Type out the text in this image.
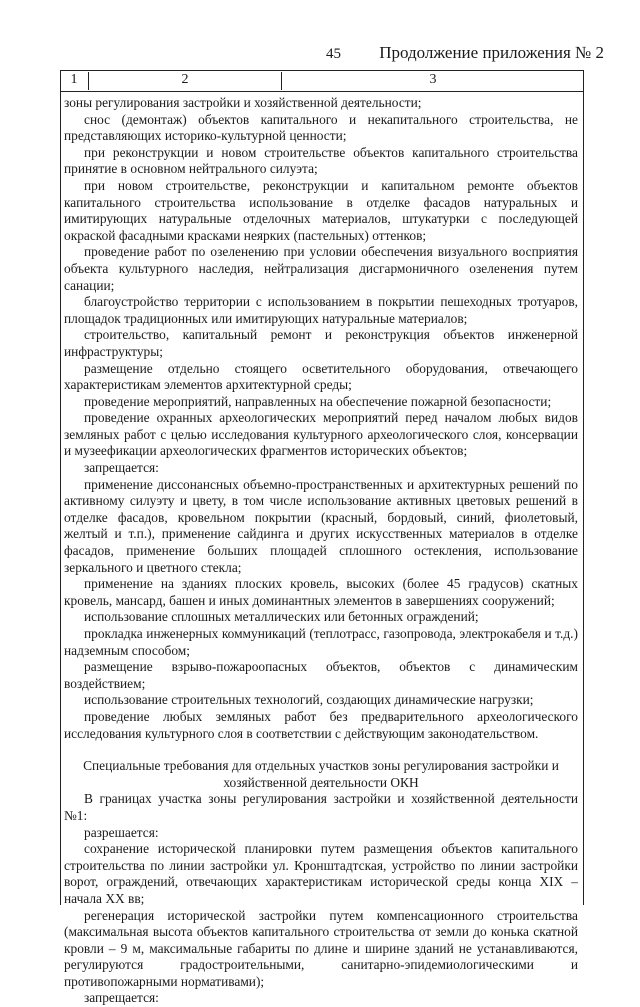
45 Продолжение приложения № 2
1	2	3

зоны регулирования застройки и хозяйственной деятельности;

снос (демонтаж) объектов капитального и некапитального строительства, не представляющих историко-культурной ценности;

при реконструкции и новом строительстве объектов капитального строительства принятие в основном нейтрального силуэта;

при новом строительстве, реконструкции и капитальном ремонте объектов капитального строительства использование в отделке фасадов натуральных и имитирующих натуральные отделочных материалов, штукатурки с последующей окраской фасадными красками неярких (пастельных) оттенков;

проведение работ по озеленению при условии обеспечения визуального восприятия объекта культурного наследия, нейтрализация дисгармоничного озеленения путем санации;

благоустройство территории с использованием в покрытии пешеходных тротуаров, площадок традиционных или имитирующих натуральные материалов;

строительство, капитальный ремонт и реконструкция объектов инженерной инфраструктуры;

размещение отдельно стоящего осветительного оборудования, отвечающего характеристикам элементов архитектурной среды;

проведение мероприятий, направленных на обеспечение пожарной безопасности;

проведение охранных археологических мероприятий перед началом любых видов земляных работ с целью исследования культурного археологического слоя, консервации и музеефикации археологических фрагментов исторических объектов;

запрещается:

применение диссонансных объемно-пространственных и архитектурных решений по активному силуэту и цвету, в том числе использование активных цветовых решений в отделке фасадов, кровельном покрытии (красный, бордовый, синий, фиолетовый, желтый и т.п.), применение сайдинга и других искусственных материалов в отделке фасадов, применение больших площадей сплошного остекления, использование зеркального и цветного стекла;

применение на зданиях плоских кровель, высоких (более 45 градусов) скатных кровель, мансард, башен и иных доминантных элементов в завершениях сооружений;

использование сплошных металлических или бетонных ограждений;

прокладка инженерных коммуникаций (теплотрасс, газопровода, электрокабеля и т.д.) надземным способом;

размещение взрыво-пожароопасных объектов, объектов с динамическим воздействием;

использование строительных технологий, создающих динамические нагрузки;

проведение любых земляных работ без предварительного археологического исследования культурного слоя в соответствии с действующим законодательством.

Специальные требования для отдельных участков зоны регулирования застройки и хозяйственной деятельности ОКН

В границах участка зоны регулирования застройки и хозяйственной деятельности №1:

разрешается:

сохранение исторической планировки путем размещения объектов капитального строительства по линии застройки ул. Кронштадтская, устройство по линии застройки ворот, ограждений, отвечающих характеристикам исторической среды конца XIX – начала XX вв;

регенерация исторической застройки путем компенсационного строительства (максимальная высота объектов капитального строительства от земли до конька скатной кровли – 9 м, максимальные габариты по длине и ширине зданий не устанавливаются, регулируются градостроительными, санитарно-эпидемиологическими и противопожарными нормативами);

запрещается:
